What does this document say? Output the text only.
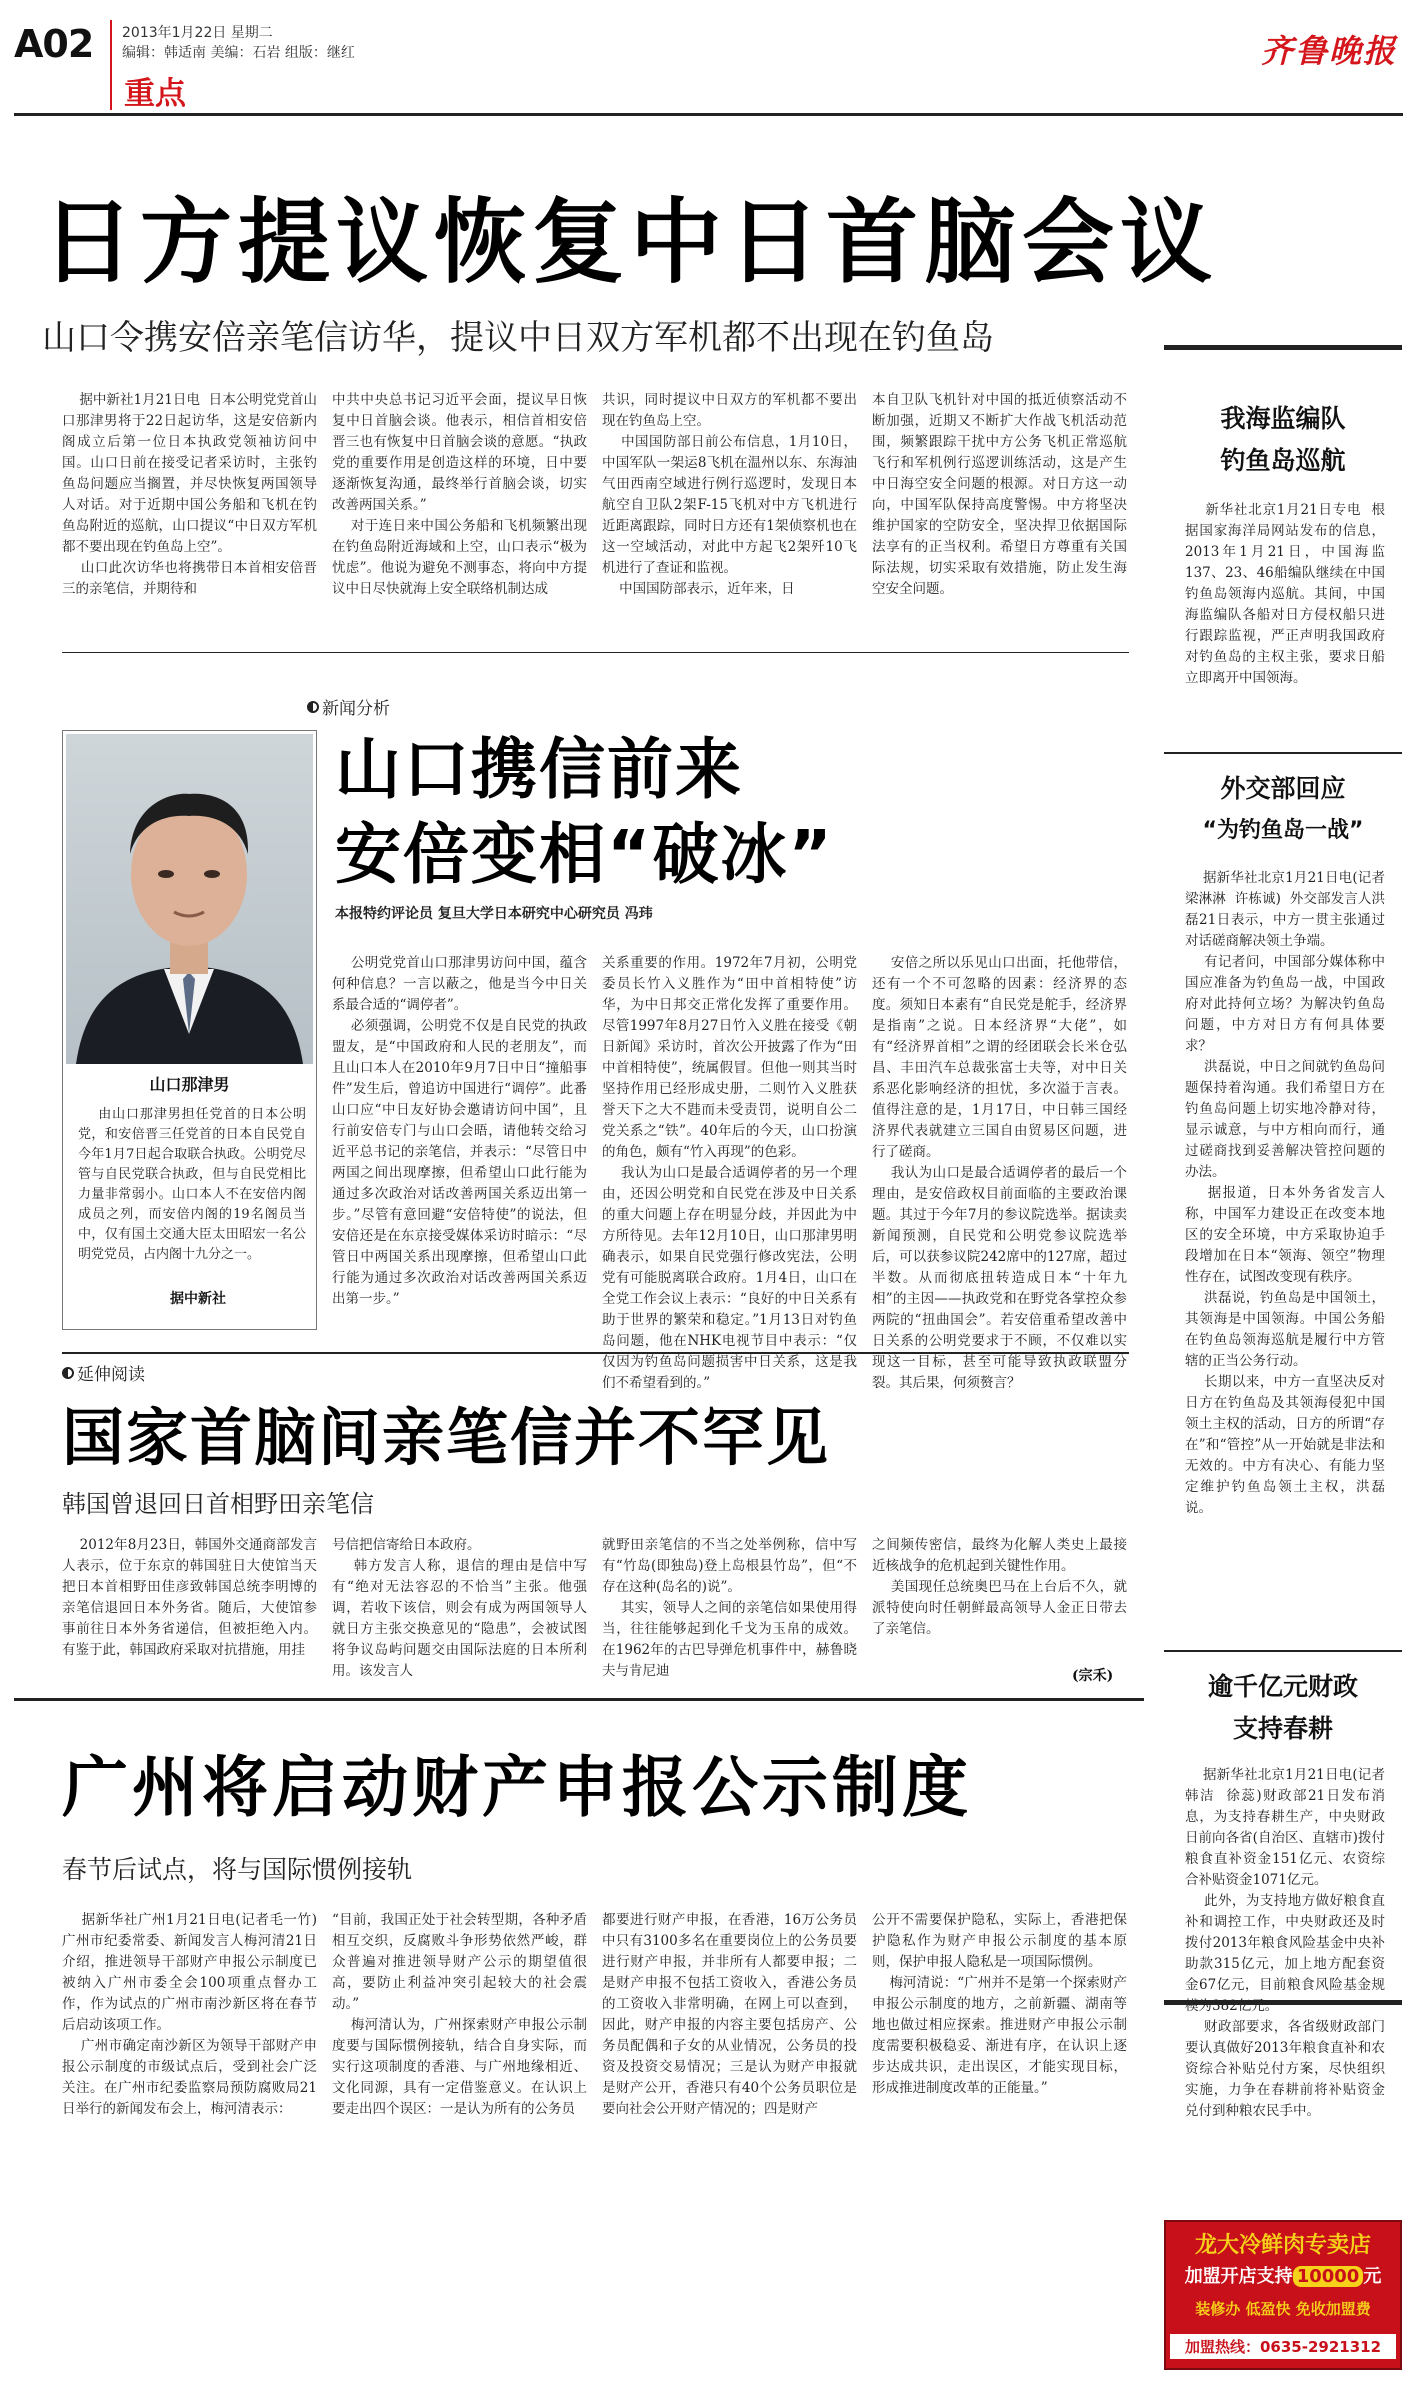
A02 2013年1月22日 星期二
编辑：韩适南 美编：石岩 组版：继红
重点
齐鲁晚报
日方提议恢复中日首脑会议
山口令携安倍亲笔信访华，提议中日双方军机都不出现在钓鱼岛
据中新社1月21日电  日本公明党党首山口那津男将于22日起访华，这是安倍新内阁成立后第一位日本执政党领袖访问中国。山口日前在接受记者采访时，主张钓鱼岛问题应当搁置，并尽快恢复两国领导人对话。对于近期中国公务船和飞机在钓鱼岛附近的巡航，山口提议“中日双方军机都不要出现在钓鱼岛上空”。
山口此次访华也将携带日本首相安倍晋三的亲笔信，并期待和
中共中央总书记习近平会面，提议早日恢复中日首脑会谈。他表示，相信首相安倍晋三也有恢复中日首脑会谈的意愿。“执政党的重要作用是创造这样的环境，日中要逐渐恢复沟通，最终举行首脑会谈，切实改善两国关系。”
对于连日来中国公务船和飞机频繁出现在钓鱼岛附近海域和上空，山口表示“极为忧虑”。他说为避免不测事态，将向中方提议中日尽快就海上安全联络机制达成
共识，同时提议中日双方的军机都不要出现在钓鱼岛上空。
中国国防部日前公布信息，1月10日，中国军队一架运8飞机在温州以东、东海油气田西南空域进行例行巡逻时，发现日本航空自卫队2架F-15飞机对中方飞机进行近距离跟踪，同时日方还有1架侦察机也在这一空域活动，对此中方起飞2架歼10飞机进行了查证和监视。
中国国防部表示，近年来，日
本自卫队飞机针对中国的抵近侦察活动不断加强，近期又不断扩大作战飞机活动范围，频繁跟踪干扰中方公务飞机正常巡航飞行和军机例行巡逻训练活动，这是产生中日海空安全问题的根源。对日方这一动向，中国军队保持高度警惕。中方将坚决维护国家的空防安全，坚决捍卫依据国际法享有的正当权利。希望日方尊重有关国际法规，切实采取有效措施，防止发生海空安全问题。
新闻分析
山口携信前来
安倍变相“破冰”
本报特约评论员 复旦大学日本研究中心研究员 冯玮
山口那津男
由山口那津男担任党首的日本公明党，和安倍晋三任党首的日本自民党自今年1月7日起合取联合执政。公明党尽管与自民党联合执政，但与自民党相比力量非常弱小。山口本人不在安倍内阁成员之列，而安倍内阁的19名阁员当中，仅有国土交通大臣太田昭宏一名公明党党员，占内阁十九分之一。
据中新社
公明党党首山口那津男访问中国，蕴含何种信息？一言以蔽之，他是当今中日关系最合适的“调停者”。
必须强调，公明党不仅是自民党的执政盟友，是“中国政府和人民的老朋友”，而且山口本人在2010年9月7日中日“撞船事件”发生后，曾追访中国进行“调停”。此番山口应“中日友好协会邀请访问中国”，且行前安倍专门与山口会晤，请他转交给习近平总书记的亲笔信，并表示：“尽管日中两国之间出现摩擦，但希望山口此行能为通过多次政治对话改善两国关系迈出第一步。”尽管有意回避“安倍特使”的说法，但安倍还是在东京接受媒体采访时暗示：“尽管日中两国关系出现摩擦，但希望山口此行能为通过多次政治对话改善两国关系迈出第一步。”
关系重要的作用。1972年7月初，公明党委员长竹入义胜作为“田中首相特使”访华，为中日邦交正常化发挥了重要作用。尽管1997年8月27日竹入义胜在接受《朝日新闻》采访时，首次公开披露了作为“田中首相特使”，统属假冒。但他一则其当时坚持作用已经形成史册，二则竹入义胜获誉天下之大不韪而未受责罚，说明自公二党关系之“铁”。40年后的今天，山口扮演的角色，颇有“竹入再现”的色彩。
我认为山口是最合适调停者的另一个理由，还因公明党和自民党在涉及中日关系的重大问题上存在明显分歧，并因此为中方所待见。去年12月10日，山口那津男明确表示，如果自民党强行修改宪法，公明党有可能脱离联合政府。1月4日，山口在全党工作会议上表示：“良好的中日关系有助于世界的繁荣和稳定。”1月13日对钓鱼岛问题，他在NHK电视节目中表示：“仅仅因为钓鱼岛问题损害中日关系，这是我们不希望看到的。”
安倍之所以乐见山口出面，托他带信，还有一个不可忽略的因素：经济界的态度。须知日本素有“自民党是舵手，经济界是指南”之说。日本经济界“大佬”，如有“经济界首相”之谓的经团联会长米仓弘昌、丰田汽车总裁张富士夫等，对中日关系恶化影响经济的担忧，多次溢于言表。值得注意的是，1月17日，中日韩三国经济界代表就建立三国自由贸易区问题，进行了磋商。
我认为山口是最合适调停者的最后一个理由，是安倍政权目前面临的主要政治课题。其过于今年7月的参议院选举。据读卖新闻预测，自民党和公明党参议院选举后，可以获参议院242席中的127席，超过半数。从而彻底扭转造成日本“十年九相”的主因——执政党和在野党各掌控众参两院的“扭曲国会”。若安倍重希望改善中日关系的公明党要求于不顾，不仅难以实现这一目标，甚至可能导致执政联盟分裂。其后果，何须赘言？
延伸阅读
国家首脑间亲笔信并不罕见
韩国曾退回日首相野田亲笔信
2012年8月23日，韩国外交通商部发言人表示，位于东京的韩国驻日大使馆当天把日本首相野田佳彦致韩国总统李明博的亲笔信退回日本外务省。随后，大使馆参事前往日本外务省递信，但被拒绝入内。有鉴于此，韩国政府采取对抗措施，用挂
号信把信寄给日本政府。
韩方发言人称，退信的理由是信中写有“绝对无法容忍的不恰当”主张。他强调，若收下该信，则会有成为两国领导人就日方主张交换意见的“隐患”，会被试图将争议岛屿问题交由国际法庭的日本所利用。该发言人
就野田亲笔信的不当之处举例称，信中写有“竹岛(即独岛)登上岛根县竹岛”，但“不存在这种(岛名的)说”。
其实，领导人之间的亲笔信如果使用得当，往往能够起到化千戈为玉帛的成效。在1962年的古巴导弹危机事件中，赫鲁晓夫与肯尼迪
之间频传密信，最终为化解人类史上最接近核战争的危机起到关键性作用。
美国现任总统奥巴马在上台后不久，就派特使向时任朝鲜最高领导人金正日带去了亲笔信。
(宗禾)
广州将启动财产申报公示制度
春节后试点，将与国际惯例接轨
据新华社广州1月21日电(记者毛一竹)  广州市纪委常委、新闻发言人梅河清21日介绍，推进领导干部财产申报公示制度已被纳入广州市委全会100项重点督办工作，作为试点的广州市南沙新区将在春节后启动该项工作。
广州市确定南沙新区为领导干部财产申报公示制度的市级试点后，受到社会广泛关注。在广州市纪委监察局预防腐败局21日举行的新闻发布会上，梅河清表示：
“目前，我国正处于社会转型期，各种矛盾相互交织，反腐败斗争形势依然严峻，群众普遍对推进领导财产公示的期望值很高，要防止利益冲突引起较大的社会震动。”
梅河清认为，广州探索财产申报公示制度要与国际惯例接轨，结合自身实际，而实行这项制度的香港、与广州地缘相近、文化同源，具有一定借鉴意义。在认识上要走出四个误区：一是认为所有的公务员
都要进行财产申报，在香港，16万公务员中只有3100多名在重要岗位上的公务员要进行财产申报，并非所有人都要申报；二是财产申报不包括工资收入，香港公务员的工资收入非常明确，在网上可以查到，因此，财产申报的内容主要包括房产、公务员配偶和子女的从业情况，公务员的投资及投资交易情况；三是认为财产申报就是财产公开，香港只有40个公务员职位是要向社会公开财产情况的；四是财产
公开不需要保护隐私，实际上，香港把保护隐私作为财产申报公示制度的基本原则，保护申报人隐私是一项国际惯例。
梅河清说：“广州并不是第一个探索财产申报公示制度的地方，之前新疆、湖南等地也做过相应探索。推进财产申报公示制度需要积极稳妥、渐进有序，在认识上逐步达成共识，走出误区，才能实现目标，形成推进制度改革的正能量。”
我海监编队
钓鱼岛巡航
新华社北京1月21日专电  根据国家海洋局网站发布的信息，2013年1月21日，中国海监137、23、46船编队继续在中国钓鱼岛领海内巡航。其间，中国海监编队各船对日方侵权船只进行跟踪监视，严正声明我国政府对钓鱼岛的主权主张，要求日船立即离开中国领海。
外交部回应
“为钓鱼岛一战”
据新华社北京1月21日电(记者  梁淋淋  许栋诚)  外交部发言人洪磊21日表示，中方一贯主张通过对话磋商解决领土争端。
有记者问，中国部分媒体称中国应准备为钓鱼岛一战，中国政府对此持何立场？为解决钓鱼岛问题，中方对日方有何具体要求？
洪磊说，中日之间就钓鱼岛问题保持着沟通。我们希望日方在钓鱼岛问题上切实地冷静对待，显示诚意，与中方相向而行，通过磋商找到妥善解决管控问题的办法。
据报道，日本外务省发言人称，中国军力建设正在改变本地区的安全环境，中方采取协迫手段增加在日本“领海、领空”物理性存在，试图改变现有秩序。
洪磊说，钓鱼岛是中国领土，其领海是中国领海。中国公务船在钓鱼岛领海巡航是履行中方管辖的正当公务行动。
长期以来，中方一直坚决反对日方在钓鱼岛及其领海侵犯中国领土主权的活动，日方的所谓“存在”和“管控”从一开始就是非法和无效的。中方有决心、有能力坚定维护钓鱼岛领土主权，洪磊说。
逾千亿元财政
支持春耕
据新华社北京1月21日电(记者  韩洁  徐蕊)财政部21日发布消息，为支持春耕生产，中央财政日前向各省(自治区、直辖市)拨付粮食直补资金151亿元、农资综合补贴资金1071亿元。
此外，为支持地方做好粮食直补和调控工作，中央财政还及时拨付2013年粮食风险基金中央补助款315亿元，加上地方配套资金67亿元，目前粮食风险基金规模为382亿元。
财政部要求，各省级财政部门要认真做好2013年粮食直补和农资综合补贴兑付方案，尽快组织实施，力争在春耕前将补贴资金兑付到种粮农民手中。
龙大冷鲜肉专卖店
加盟开店支持 10000 元
装修办 低盈快 免收加盟费
加盟热线：0635-2921312
